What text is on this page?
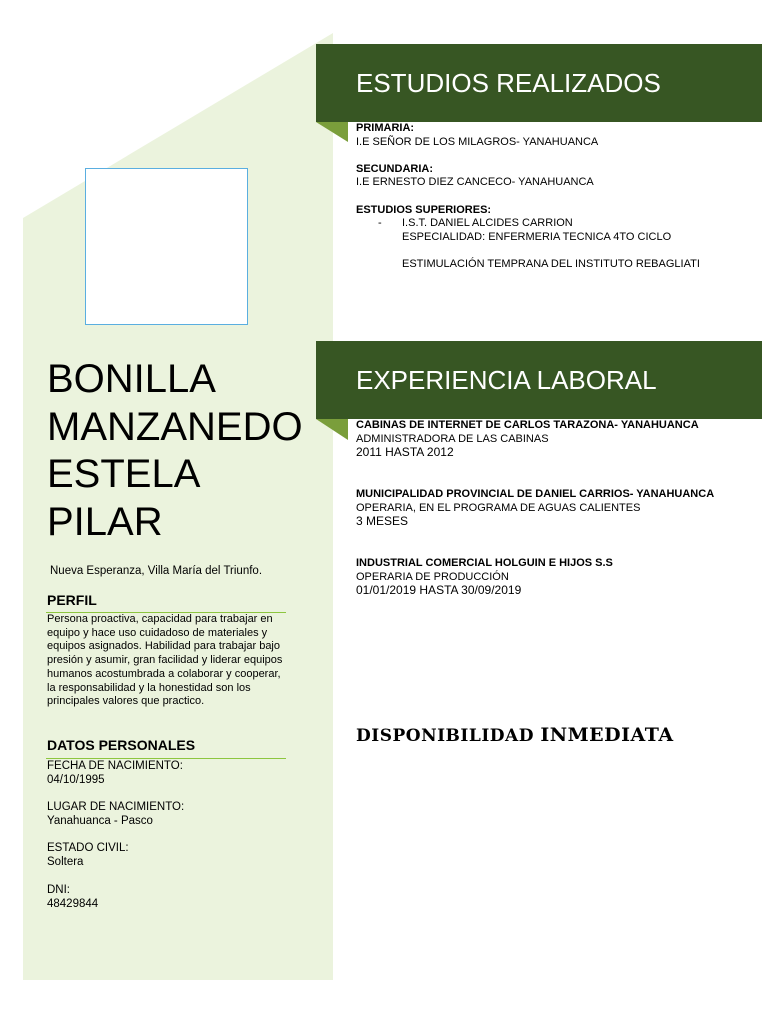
BONILLA
MANZANEDO
ESTELA
PILAR
Nueva Esperanza, Villa María del Triunfo.
PERFIL
Persona proactiva, capacidad para trabajar en equipo y hace uso cuidadoso de materiales y equipos asignados. Habilidad para trabajar bajo presión y asumir, gran facilidad y liderar equipos humanos acostumbrada a colaborar y cooperar, la responsabilidad y la honestidad son los principales valores que practico.
DATOS PERSONALES
FECHA DE NACIMIENTO:
04/10/1995
LUGAR DE NACIMIENTO:
Yanahuanca - Pasco
ESTADO CIVIL:
Soltera
DNI:
48429844
ESTUDIOS REALIZADOS
PRIMARIA:
I.E SEÑOR DE LOS MILAGROS- YANAHUANCA
SECUNDARIA:
I.E ERNESTO DIEZ CANCECO- YANAHUANCA
ESTUDIOS SUPERIORES:
-	I.S.T. DANIEL ALCIDES CARRION
ESPECIALIDAD: ENFERMERIA TECNICA 4TO CICLO
ESTIMULACIÓN TEMPRANA DEL INSTITUTO REBAGLIATI
EXPERIENCIA LABORAL
CABINAS DE INTERNET DE CARLOS TARAZONA- YANAHUANCA
ADMINISTRADORA DE LAS CABINAS
2011 HASTA 2012
MUNICIPALIDAD PROVINCIAL DE DANIEL CARRIOS- YANAHUANCA
OPERARIA, EN EL PROGRAMA DE AGUAS CALIENTES
3 MESES
INDUSTRIAL COMERCIAL HOLGUIN E HIJOS S.S
OPERARIA DE PRODUCCIÓN
01/01/2019 HASTA 30/09/2019
DISPONIBILIDAD INMEDIATA
